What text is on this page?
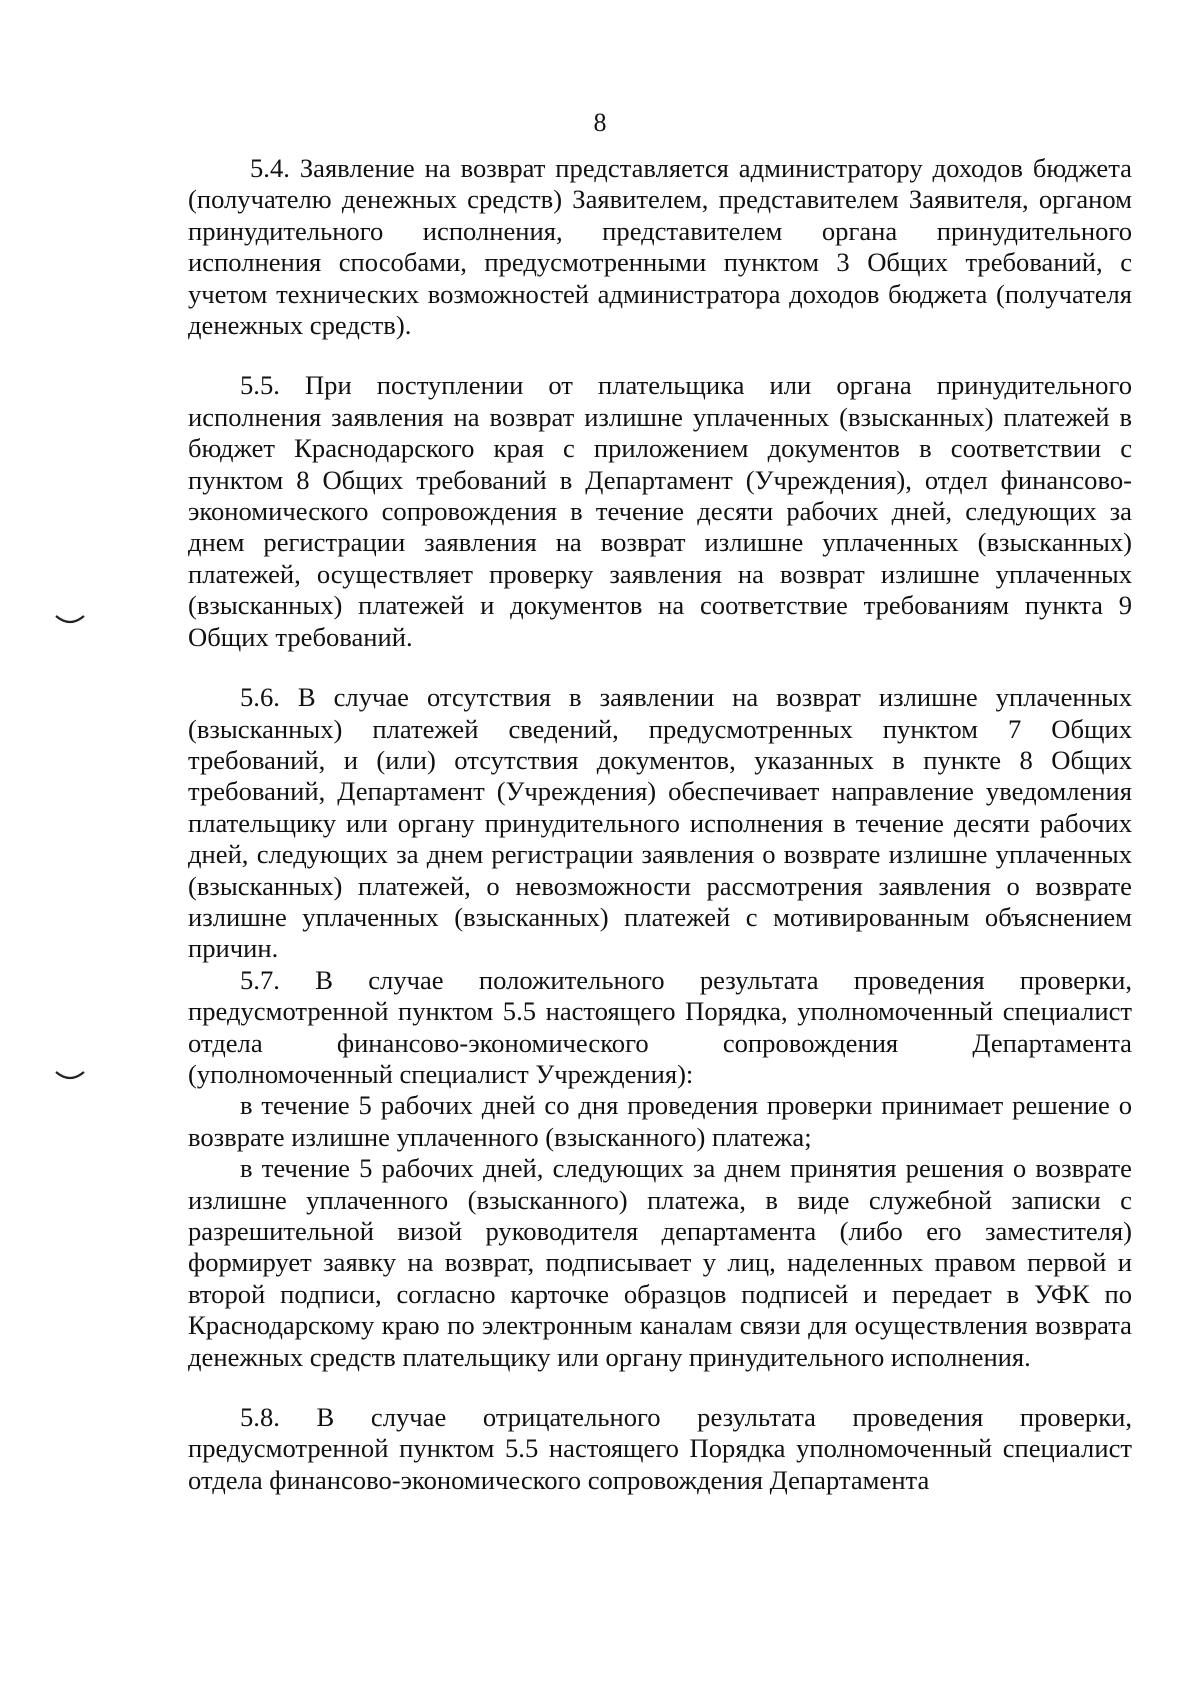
8

5.4. Заявление на возврат представляется администратору доходов бюджета (получателю денежных средств) Заявителем, представителем Заявителя, органом принудительного исполнения, представителем органа принудительного исполнения способами, предусмотренными пунктом 3 Общих требований, с учетом технических возможностей администратора доходов бюджета (получателя денежных средств).

5.5. При поступлении от плательщика или органа принудительного исполнения заявления на возврат излишне уплаченных (взысканных) платежей в бюджет Краснодарского края с приложением документов в соответствии с пунктом 8 Общих требований в Департамент (Учреждения), отдел финансово-экономического сопровождения в течение десяти рабочих дней, следующих за днем регистрации заявления на возврат излишне уплаченных (взысканных) платежей, осуществляет проверку заявления на возврат излишне уплаченных (взысканных) платежей и документов на соответствие требованиям пункта 9 Общих требований.

5.6. В случае отсутствия в заявлении на возврат излишне уплаченных (взысканных) платежей сведений, предусмотренных пунктом 7 Общих требований, и (или) отсутствия документов, указанных в пункте 8 Общих требований, Департамент (Учреждения) обеспечивает направление уведомления плательщику или органу принудительного исполнения в течение десяти рабочих дней, следующих за днем регистрации заявления о возврате излишне уплаченных (взысканных) платежей, о невозможности рассмотрения заявления о возврате излишне уплаченных (взысканных) платежей с мотивированным объяснением причин.

5.7. В случае положительного результата проведения проверки, предусмотренной пунктом 5.5 настоящего Порядка, уполномоченный специалист отдела финансово-экономического сопровождения Департамента (уполномоченный специалист Учреждения):

в течение 5 рабочих дней со дня проведения проверки принимает решение о возврате излишне уплаченного (взысканного) платежа;

в течение 5 рабочих дней, следующих за днем принятия решения о возврате излишне уплаченного (взысканного) платежа, в виде служебной записки с разрешительной визой руководителя департамента (либо его заместителя) формирует заявку на возврат, подписывает у лиц, наделенных правом первой и второй подписи, согласно карточке образцов подписей и передает в УФК по Краснодарскому краю по электронным каналам связи для осуществления возврата денежных средств плательщику или органу принудительного исполнения.

5.8. В случае отрицательного результата проведения проверки, предусмотренной пунктом 5.5 настоящего Порядка уполномоченный специалист отдела финансово-экономического сопровождения Департамента
